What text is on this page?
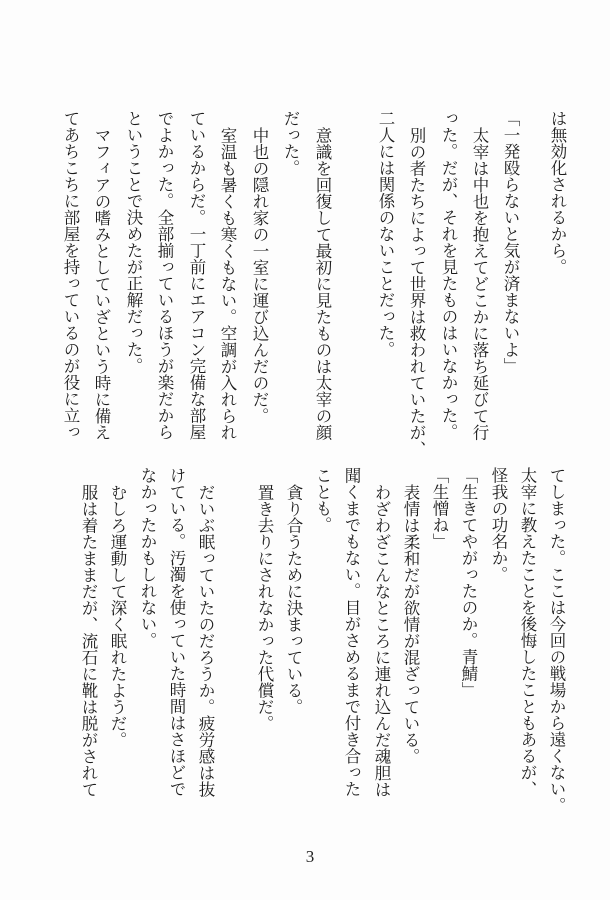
は無効化されるから。
「一発殴らないと気が済まないよ」
太宰は中也を抱えてどこかに落ち延びて行
った。だが、それを見たものはいなかった。
別の者たちによって世界は救われていたが、
二人には関係のないことだった。
意識を回復して最初に見たものは太宰の顔
だった。
中也の隠れ家の一室に運び込んだのだ。
室温も暑くも寒くもない。空調が入れられ
ているからだ。一丁前にエアコン完備な部屋
でよかった。全部揃っているほうが楽だから
ということで決めたが正解だった。
マフィアの嗜みとしていざという時に備え
てあちこちに部屋を持っているのが役に立っ
てしまった。ここは今回の戦場から遠くない。
太宰に教えたことを後悔したこともあるが、
怪我の功名か。
「生きてやがったのか。青鯖」
「生憎ね」
表情は柔和だが欲情が混ざっている。
わざわざこんなところに連れ込んだ魂胆は
聞くまでもない。目がさめるまで付き合った
ことも。
貪り合うために決まっている。
置き去りにされなかった代償だ。
だいぶ眠っていたのだろうか。疲労感は抜
けている。汚濁を使っていた時間はさほどで
なかったかもしれない。
むしろ運動して深く眠れたようだ。
服は着たままだが、流石に靴は脱がされて
3
